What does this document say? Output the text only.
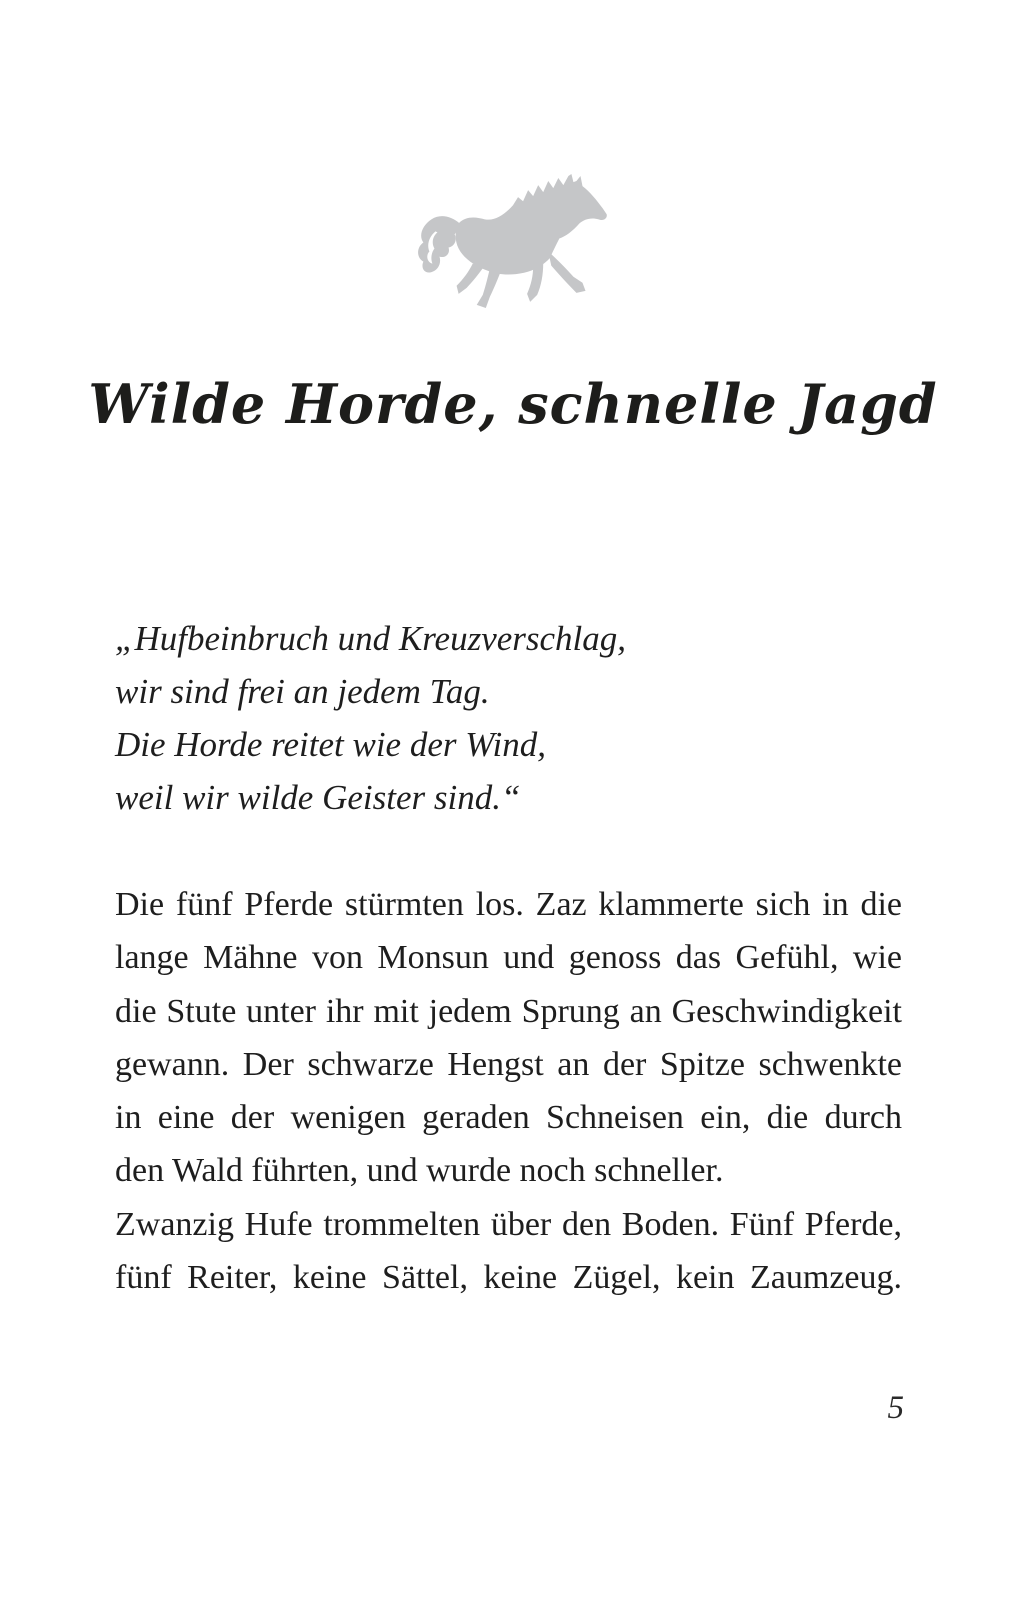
Wilde Horde, schnelle Jagd
„Hufbeinbruch und Kreuzverschlag,
wir sind frei an jedem Tag.
Die Horde reitet wie der Wind,
weil wir wilde Geister sind.“
Die fünf Pferde stürmten los. Zaz klammerte sich in die
lange Mähne von Monsun und genoss das Gefühl, wie
die Stute unter ihr mit jedem Sprung an Geschwindigkeit
gewann. Der schwarze Hengst an der Spitze schwenkte
in eine der wenigen geraden Schneisen ein, die durch
den Wald führten, und wurde noch schneller.
Zwanzig Hufe trommelten über den Boden. Fünf Pferde,
fünf Reiter, keine Sättel, keine Zügel, kein Zaumzeug.
5
